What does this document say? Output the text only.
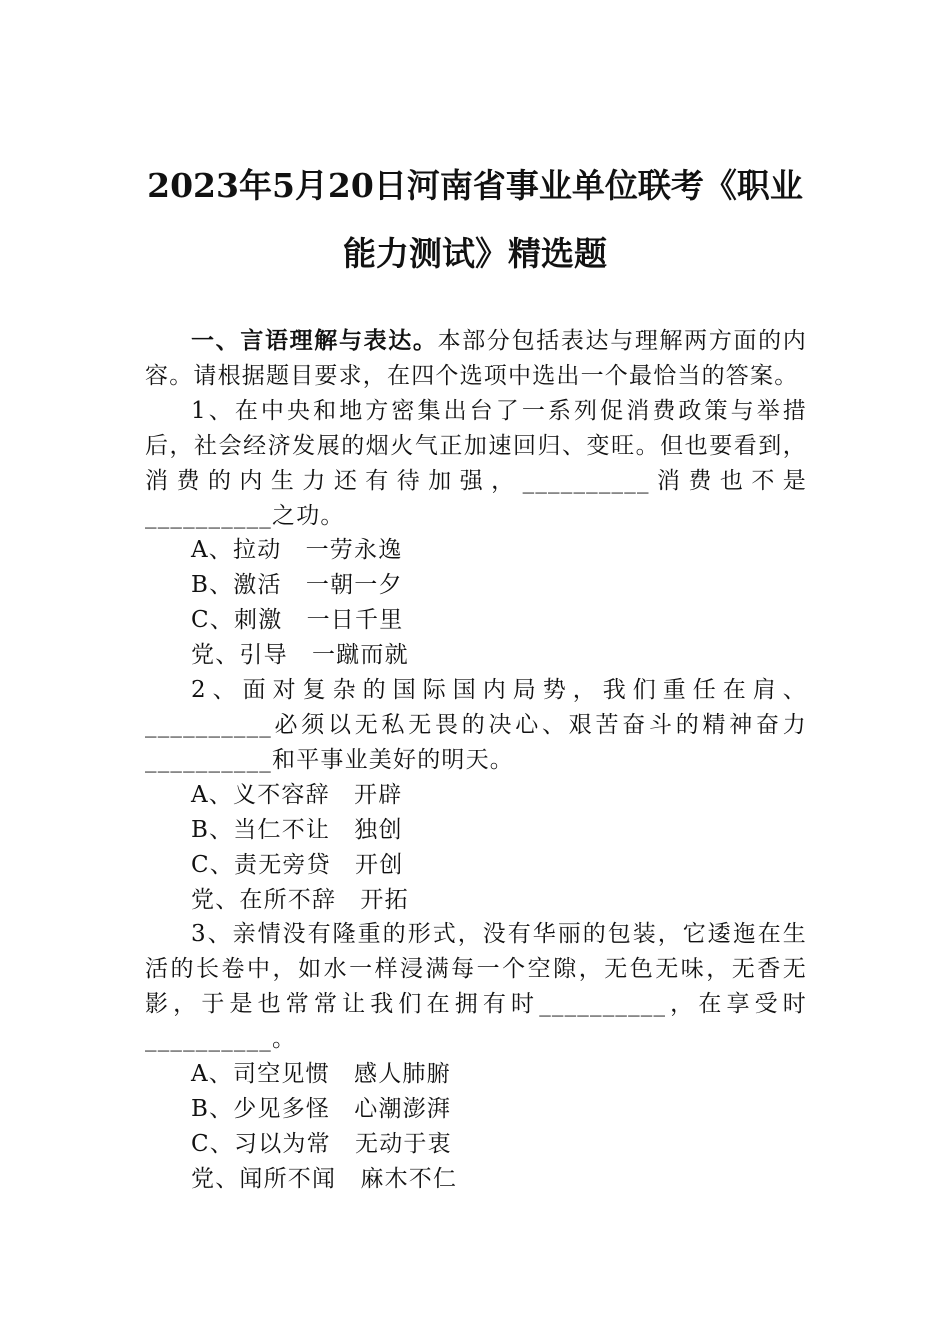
2023年5月20日河南省事业单位联考《职业能力测试》精选题

一、言语理解与表达。本部分包括表达与理解两方面的内容。请根据题目要求，在四个选项中选出一个最恰当的答案。

1、在中央和地方密集出台了一系列促消费政策与举措后，社会经济发展的烟火气正加速回归、变旺。但也要看到，消费的内生力还有待加强，__________消费也不是__________之功。

A、拉动　一劳永逸

B、激活　一朝一夕

C、刺激　一日千里

党、引导　一蹴而就

2、面对复杂的国际国内局势，我们重任在肩、__________必须以无私无畏的决心、艰苦奋斗的精神奋力__________和平事业美好的明天。

A、义不容辞　开辟

B、当仁不让　独创

C、责无旁贷　开创

党、在所不辞　开拓

3、亲情没有隆重的形式，没有华丽的包装，它逶迤在生活的长卷中，如水一样浸满每一个空隙，无色无味，无香无影，于是也常常让我们在拥有时__________，在享受时__________。

A、司空见惯　感人肺腑

B、少见多怪　心潮澎湃

C、习以为常　无动于衷

党、闻所不闻　麻木不仁
